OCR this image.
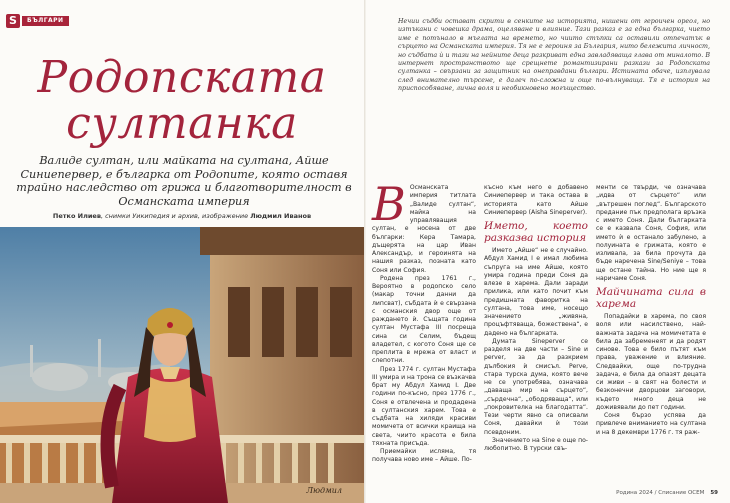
S	БЪЛГАРИ
Родопската
султанка
Валиде султан, или майката на султана, Айше Синиепервер, е българка от Родопите, която оставя трайно наследство от грижа и благотворителност в Османската империя
Петко Илиев, снимки Уикипедия и архив, изображение Людмил Иванов
Людмил
Нечии съдби остават скрити в сенките на историята, нишени от героичен ореол, но изтъкани с човешка драма, оцеляване и влияние. Тази разказ е за една българка, чието име е потънало в мъглата на времето, но чиито стъпки са оставили отпечатък в сърцето на Османската империя. Тя не е героиня за България, нито бележита личност, но съдбата ѝ и тази на нейните деца разкриват една завладяваща глава от миналото. В интернет пространството ще срещнете романтизирани разкази за Родопската султанка – свързани за защитник на онеправдани българи. Истината обаче, изплувала след внимателно търсене, е далеч по-сложна и още по-вълнуваща. Тя е история на приспособяване, лична воля и необикновено могъщество.

В Османската империя титлата „Валиде султан“, майка на управляващия султан, е носена от две българки: Кера Тамара, дъщерята на цар Иван Александър, и героинята на нашия разказ, позната като Соня или София.

Родена през 1761 г., Вероятно в родопско село (макар точни данни да липсват), събдата ѝ е свързана с османския двор още от раждането ѝ. Същата година султан Мустафа III посреща сина си Селим, бъдещ владетел, с когото Соня ще се преплита в мрежа от власт и слепотни.

През 1774 г. султан Мустафа III умира и на трона се възкачва брат му Абдул Хамид I. Две години по-късно, през 1776 г., Соня е отвлечена и продадена в султанския харем. Това е съдбата на хиляди красиви момичета от всички краища на света, чиито красота е била тяхната присъда.

Приемайки исляма, тя получава ново име – Айше. По-

късно към него е добавено Синиепервер и така остава в историята като Айше Синиепервер (Aisha Sineperver).

Името, което разказва история

Името „Айше“ не е случайно. Абдул Хамид I е имал любима съпруга на име Айше, която умира година преди Соня да влезе в харема. Дали заради прилика, или като почит към предишната фаворитка на султана, това име, носещо значението „живяна, процъфтяваща, божествена“, е дадено на българката.

Думата Sineperver се разделя на две части – Sine и perver, за да разкрием дълбокия ѝ смисъл. Perve, стара турска дума, която вече не се употребява, означава „даваща мир на сърцето“, „сърдечна“, „ободряваща“, или „покровителка на благодатта“. Тези черти явно са описвали Соня, давайки ѝ този псевдоним.

Значението на Sine е още по-любопитно. В турски свъ-

менти се твърди, че означава „идва от сърцето“ или „вътрешен поглед“. Българското преданиe пък предполага връзка с името Соня. Дали българката се е казвала Соня, София, или името ѝ е останало забулено, а полуината е грижата, която е изливала, за била прочута да бъде наречена Sine/Seniye – това ще остане тайна. Но ние ще я наричаме Соня.

Майчината сила в харема

Попадайки в харема, по своя воля или насилствено, най-важната задача на момичетата е била да забременеят и да родят синове. Това е било пътят към права, уважение и влияние. Следвайки, още по-трудна задача, е била да опазят децата си живи – в свят на болести и безконечни дворцови заговори, където много деца не доживявали до пет години.

Соня бързо успява да привлече вниманието на султана и на 8 декември 1776 г. тя раж-

Родина 2024 / Списание ОСЕМ 59
